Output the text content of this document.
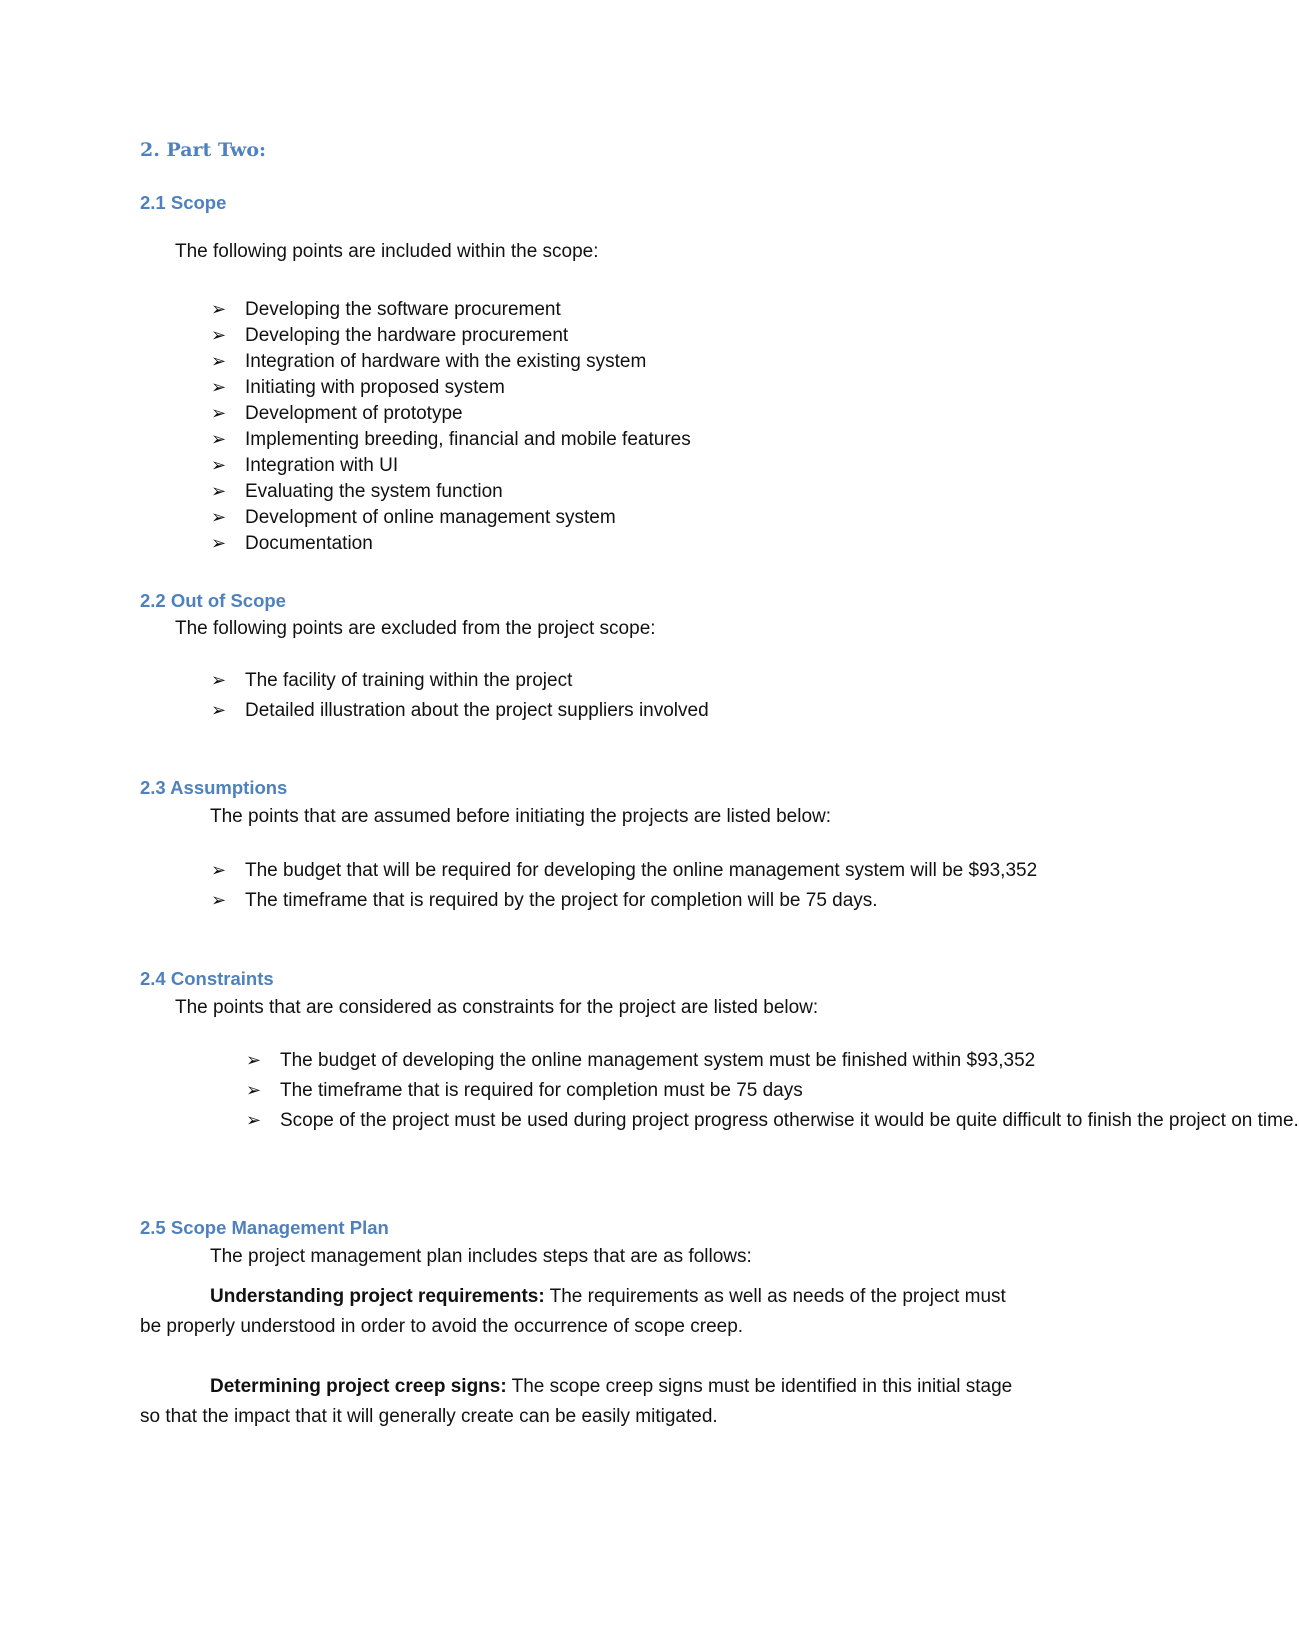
2. Part Two:
2.1 Scope
The following points are included within the scope:
➢ Developing the software procurement
➢ Developing the hardware procurement
➢ Integration of hardware with the existing system
➢ Initiating with proposed system
➢ Development of prototype
➢ Implementing breeding, financial and mobile features
➢ Integration with UI
➢ Evaluating the system function
➢ Development of online management system
➢ Documentation
2.2 Out of Scope
The following points are excluded from the project scope:
➢ The facility of training within the project
➢ Detailed illustration about the project suppliers involved
2.3 Assumptions
The points that are assumed before initiating the projects are listed below:
➢ The budget that will be required for developing the online management system will be $93,352
➢ The timeframe that is required by the project for completion will be 75 days.
2.4 Constraints
The points that are considered as constraints for the project are listed below:
➢ The budget of developing the online management system must be finished within $93,352
➢ The timeframe that is required for completion must be 75 days
➢ Scope of the project must be used during project progress otherwise it would be quite difficult to finish the project on time.
2.5 Scope Management Plan
The project management plan includes steps that are as follows:

Understanding project requirements: The requirements as well as needs of the project must be properly understood in order to avoid the occurrence of scope creep.

Determining project creep signs: The scope creep signs must be identified in this initial stage so that the impact that it will generally create can be easily mitigated.
